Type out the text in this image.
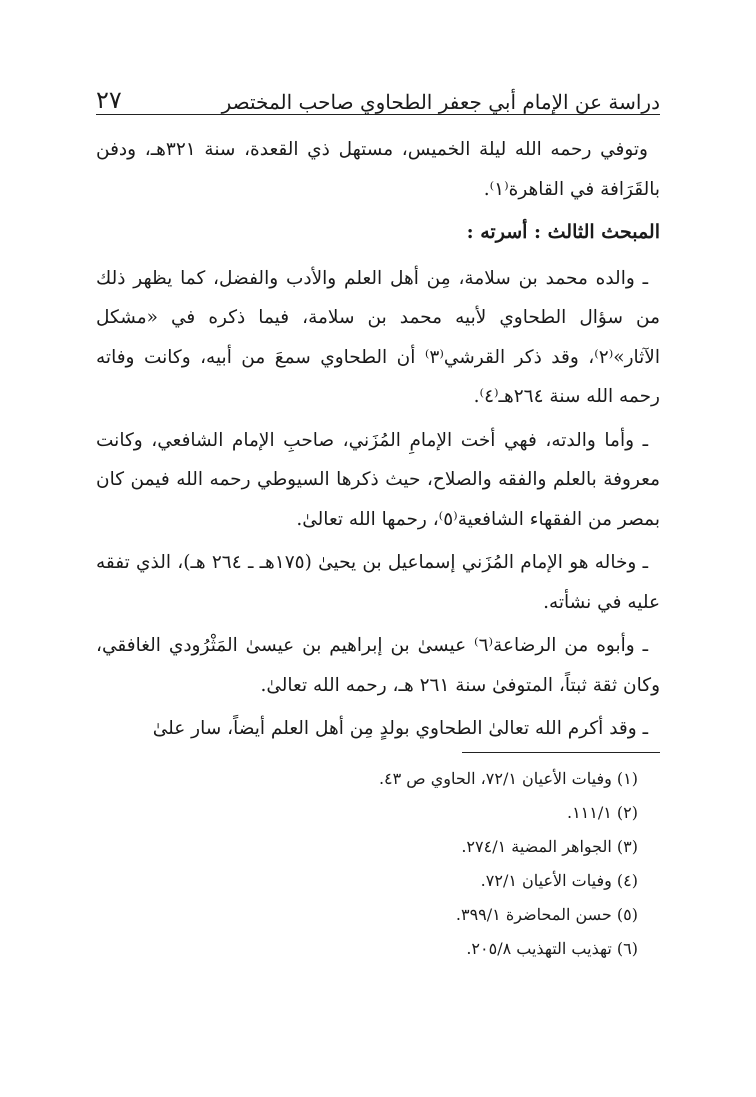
٢٧	دراسة عن الإمام أبي جعفر الطحاوي صاحب المختصر

وتوفي رحمه الله ليلة الخميس، مستهل ذي القعدة، سنة ٣٢١هـ، ودفن بالقَرَافة في القاهرة⁽١⁾.

المبحث الثالث : أسرته :

ـ والده محمد بن سلامة، مِن أهل العلم والأدب والفضل، كما يظهر ذلك من سؤال الطحاوي لأبيه محمد بن سلامة، فيما ذكره في «مشكل الآثار»⁽٢⁾، وقد ذكر القرشي⁽٣⁾ أن الطحاوي سمعَ من أبيه، وكانت وفاته رحمه الله سنة ٢٦٤هـ⁽٤⁾.

ـ وأما والدته، فهي أخت الإمامِ المُزَني، صاحبِ الإمام الشافعي، وكانت معروفة بالعلم والفقه والصلاح، حيث ذكرها السيوطي رحمه الله فيمن كان بمصر من الفقهاء الشافعية⁽٥⁾، رحمها الله تعالىٰ.

ـ وخاله هو الإمام المُزَني إسماعيل بن يحيىٰ (١٧٥هـ ـ ٢٦٤ هـ)، الذي تفقه عليه في نشأته.

ـ وأبوه من الرضاعة⁽٦⁾ عيسىٰ بن إبراهيم بن عيسىٰ المَثْرُودي الغافقي، وكان ثقة ثبتاً، المتوفىٰ سنة ٢٦١ هـ، رحمه الله تعالىٰ.

ـ وقد أكرم الله تعالىٰ الطحاوي بولدٍ مِن أهل العلم أيضاً، سار علىٰ

(١) وفيات الأعيان ٧٢/١، الحاوي ص ٤٣.

(٢) ١١١/١.

(٣) الجواهر المضية ٢٧٤/١.

(٤) وفيات الأعيان ٧٢/١.

(٥) حسن المحاضرة ٣٩٩/١.

(٦) تهذيب التهذيب ٢٠٥/٨.
